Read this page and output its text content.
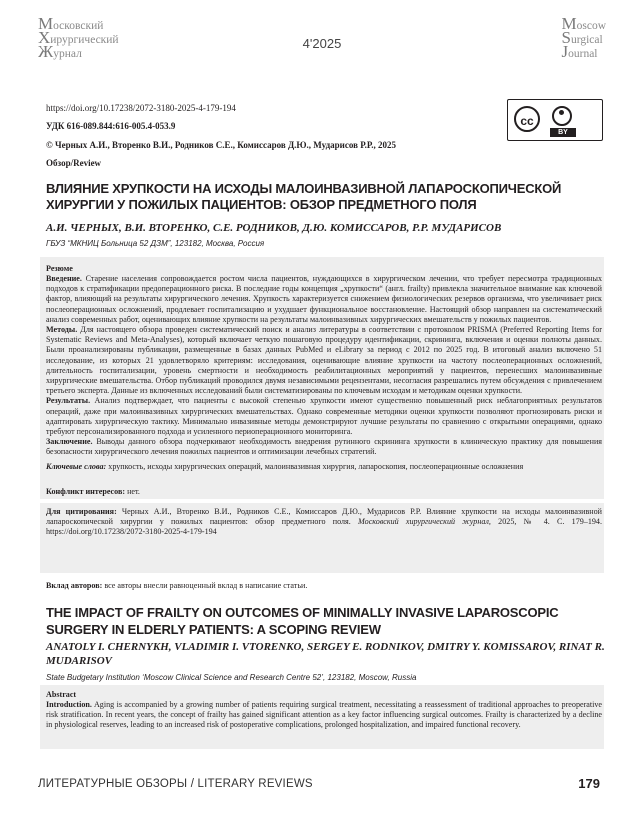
Московский
Хирургический
Журнал
4'2025
Moscow
Surgical
Journal
https://doi.org/10.17238/2072-3180-2025-4-179-194
УДК 616-089.844:616-005.4-053.9
© Черных А.И., Вторенко В.И., Родников С.Е., Комиссаров Д.Ю., Мударисов Р.Р., 2025
Обзор/Review
cc
BY
ВЛИЯНИЕ ХРУПКОСТИ НА ИСХОДЫ МАЛОИНВАЗИВНОЙ ЛАПАРОСКОПИЧЕСКОЙ ХИРУРГИИ У ПОЖИЛЫХ ПАЦИЕНТОВ: ОБЗОР ПРЕДМЕТНОГО ПОЛЯ
А.И. ЧЕРНЫХ, В.И. ВТОРЕНКО, С.Е. РОДНИКОВ, Д.Ю. КОМИССАРОВ, Р.Р. МУДАРИСОВ
ГБУЗ “МКНИЦ Больница 52 ДЗМ”, 123182, Москва, Россия
Резюме

Введение. Старение населения сопровождается ростом числа пациентов, нуждающихся в хирургическом лечении, что требует пересмотра традиционных подходов к стратификации предоперационного риска. В последние годы концепция „хрупкости“ (англ. frailty) привлекла значительное внимание как ключевой фактор, влияющий на результаты хирургического лечения. Хрупкость характеризуется снижением физиологических резервов организма, что увеличивает риск послеоперационных осложнений, продлевает госпитализацию и ухудшает функциональное восстановление. Настоящий обзор направлен на систематический анализ современных работ, оценивающих влияние хрупкости на результаты малоинвазивных хирургических вмешательств у пожилых пациентов.

Методы. Для настоящего обзора проведен систематический поиск и анализ литературы в соответствии с протоколом PRISMA (Preferred Reporting Items for Systematic Reviews and Meta-Analyses), который включает четкую пошаговую процедуру идентификации, скрининга, включения и оценки полноты данных. Были проанализированы публикации, размещенные в базах данных PubMed и eLibrary за период с 2012 по 2025 год. В итоговый анализ включено 51 исследование, из которых 21 удовлетворяло критериям: исследования, оценивающие влияние хрупкости на частоту послеоперационных осложнений, длительность госпитализации, уровень смертности и необходимость реабилитационных мероприятий у пациентов, перенесших малоинвазивные хирургические вмешательства. Отбор публикаций проводился двумя независимыми рецензентами, несогласия разрешались путем обсуждения с привлечением третьего эксперта. Данные из включенных исследований были систематизированы по ключевым исходам и методикам оценки хрупкости.

Результаты. Анализ подтверждает, что пациенты с высокой степенью хрупкости имеют существенно повышенный риск неблагоприятных результатов операций, даже при малоинвазивных хирургических вмешательствах. Однако современные методики оценки хрупкости позволяют прогнозировать риски и адаптировать хирургическую тактику. Минимально инвазивные методы демонстрируют лучшие результаты по сравнению с открытыми операциями, однако требуют персонализированного подхода и усиленного периоперационного мониторинга.

Заключение. Выводы данного обзора подчеркивают необходимость внедрения рутинного скрининга хрупкости в клиническую практику для повышения безопасности хирургического лечения пожилых пациентов и оптимизации лечебных стратегий.

Ключевые слова: хрупкость, исходы хирургических операций, малоинвазивная хирургия, лапароскопия, послеоперационные осложнения
Конфликт интересов: нет.
Для цитирования: Черных А.И., Вторенко В.И., Родников С.Е., Комиссаров Д.Ю., Мударисов Р.Р. Влияние хрупкости на исходы малоинвазивной лапароскопической хирургии у пожилых пациентов: обзор предметного поля. Московский хирургический журнал, 2025, № 4. С. 179–194. https://doi.org/10.17238/2072-3180-2025-4-179-194
Вклад авторов: все авторы внесли равноценный вклад в написание статьи.
THE IMPACT OF FRAILTY ON OUTCOMES OF MINIMALLY INVASIVE LAPAROSCOPIC SURGERY IN ELDERLY PATIENTS: A SCOPING REVIEW
ANATOLY I. CHERNYKH, VLADIMIR I. VTORENKO, SERGEY E. RODNIKOV, DMITRY Y. KOMISSAROV, RINAT R. MUDARISOV
State Budgetary Institution ‘Moscow Clinical Science and Research Centre 52’, 123182, Moscow, Russia
Abstract
Introduction. Aging is accompanied by a growing number of patients requiring surgical treatment, necessitating a reassessment of traditional approaches to preoperative risk stratification. In recent years, the concept of frailty has gained significant attention as a key factor influencing surgical outcomes. Frailty is characterized by a decline in physiological reserves, leading to an increased risk of postoperative complications, prolonged hospitalization, and impaired functional recovery.
ЛИТЕРАТУРНЫЕ ОБЗОРЫ / LITERARY REVIEWS	179
